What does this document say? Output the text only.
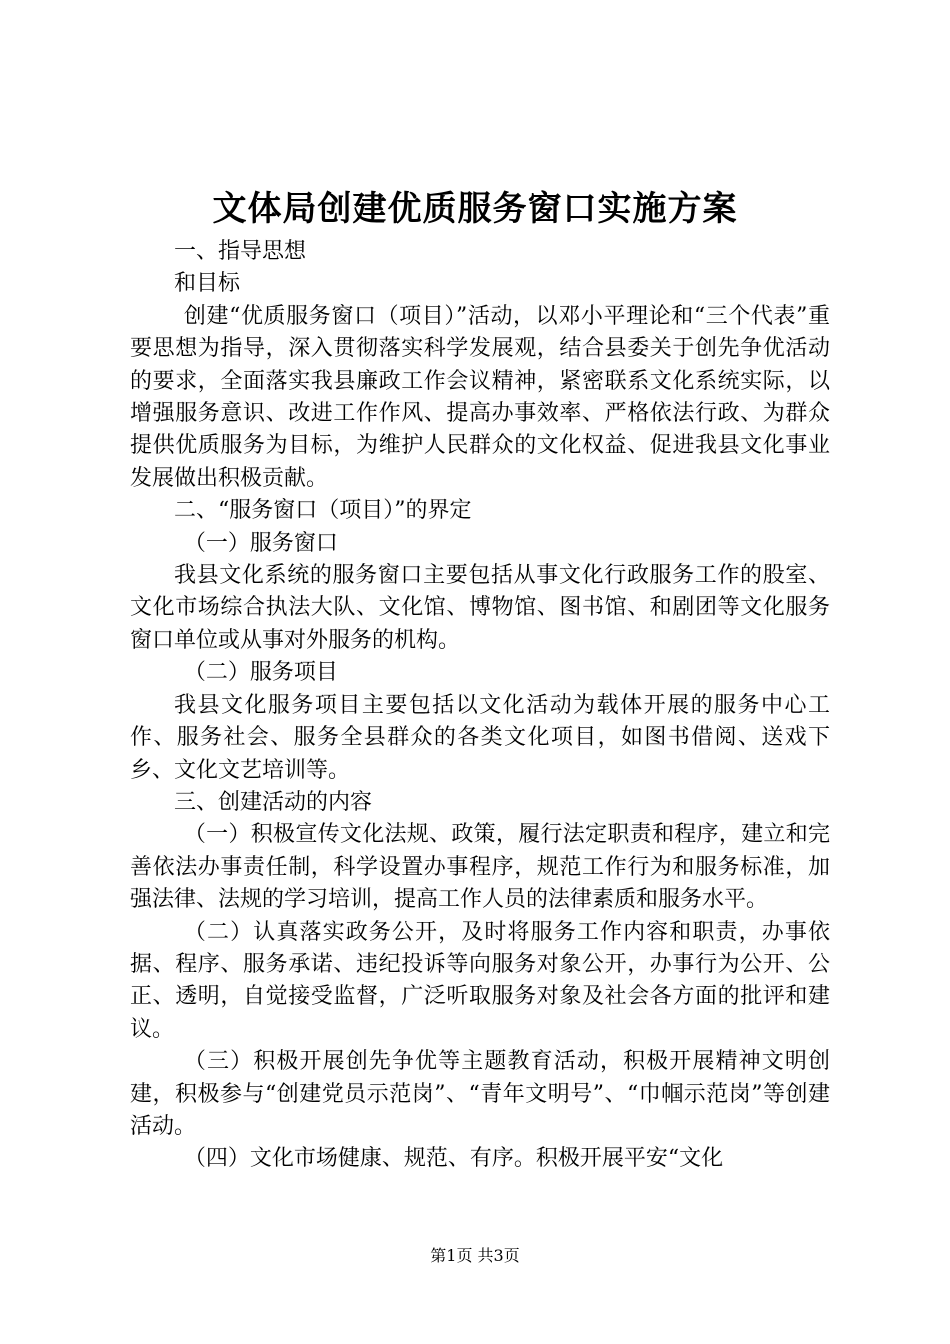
文体局创建优质服务窗口实施方案

一、指导思想

和目标

创建“优质服务窗口（项目）”活动，以邓小平理论和“三个代表”重要思想为指导，深入贯彻落实科学发展观，结合县委关于创先争优活动的要求，全面落实我县廉政工作会议精神，紧密联系文化系统实际，以增强服务意识、改进工作作风、提高办事效率、严格依法行政、为群众提供优质服务为目标，为维护人民群众的文化权益、促进我县文化事业发展做出积极贡献。

二、“服务窗口（项目）”的界定

（一）服务窗口

我县文化系统的服务窗口主要包括从事文化行政服务工作的股室、文化市场综合执法大队、文化馆、博物馆、图书馆、和剧团等文化服务窗口单位或从事对外服务的机构。

（二）服务项目

我县文化服务项目主要包括以文化活动为载体开展的服务中心工作、服务社会、服务全县群众的各类文化项目，如图书借阅、送戏下乡、文化文艺培训等。

三、创建活动的内容

（一）积极宣传文化法规、政策，履行法定职责和程序，建立和完善依法办事责任制，科学设置办事程序，规范工作行为和服务标准，加强法律、法规的学习培训，提高工作人员的法律素质和服务水平。

（二）认真落实政务公开，及时将服务工作内容和职责，办事依据、程序、服务承诺、违纪投诉等向服务对象公开，办事行为公开、公正、透明，自觉接受监督，广泛听取服务对象及社会各方面的批评和建议。

（三）积极开展创先争优等主题教育活动，积极开展精神文明创建，积极参与“创建党员示范岗”、“青年文明号”、“巾帼示范岗”等创建活动。

（四）文化市场健康、规范、有序。积极开展平安“文化

第1页 共3页
